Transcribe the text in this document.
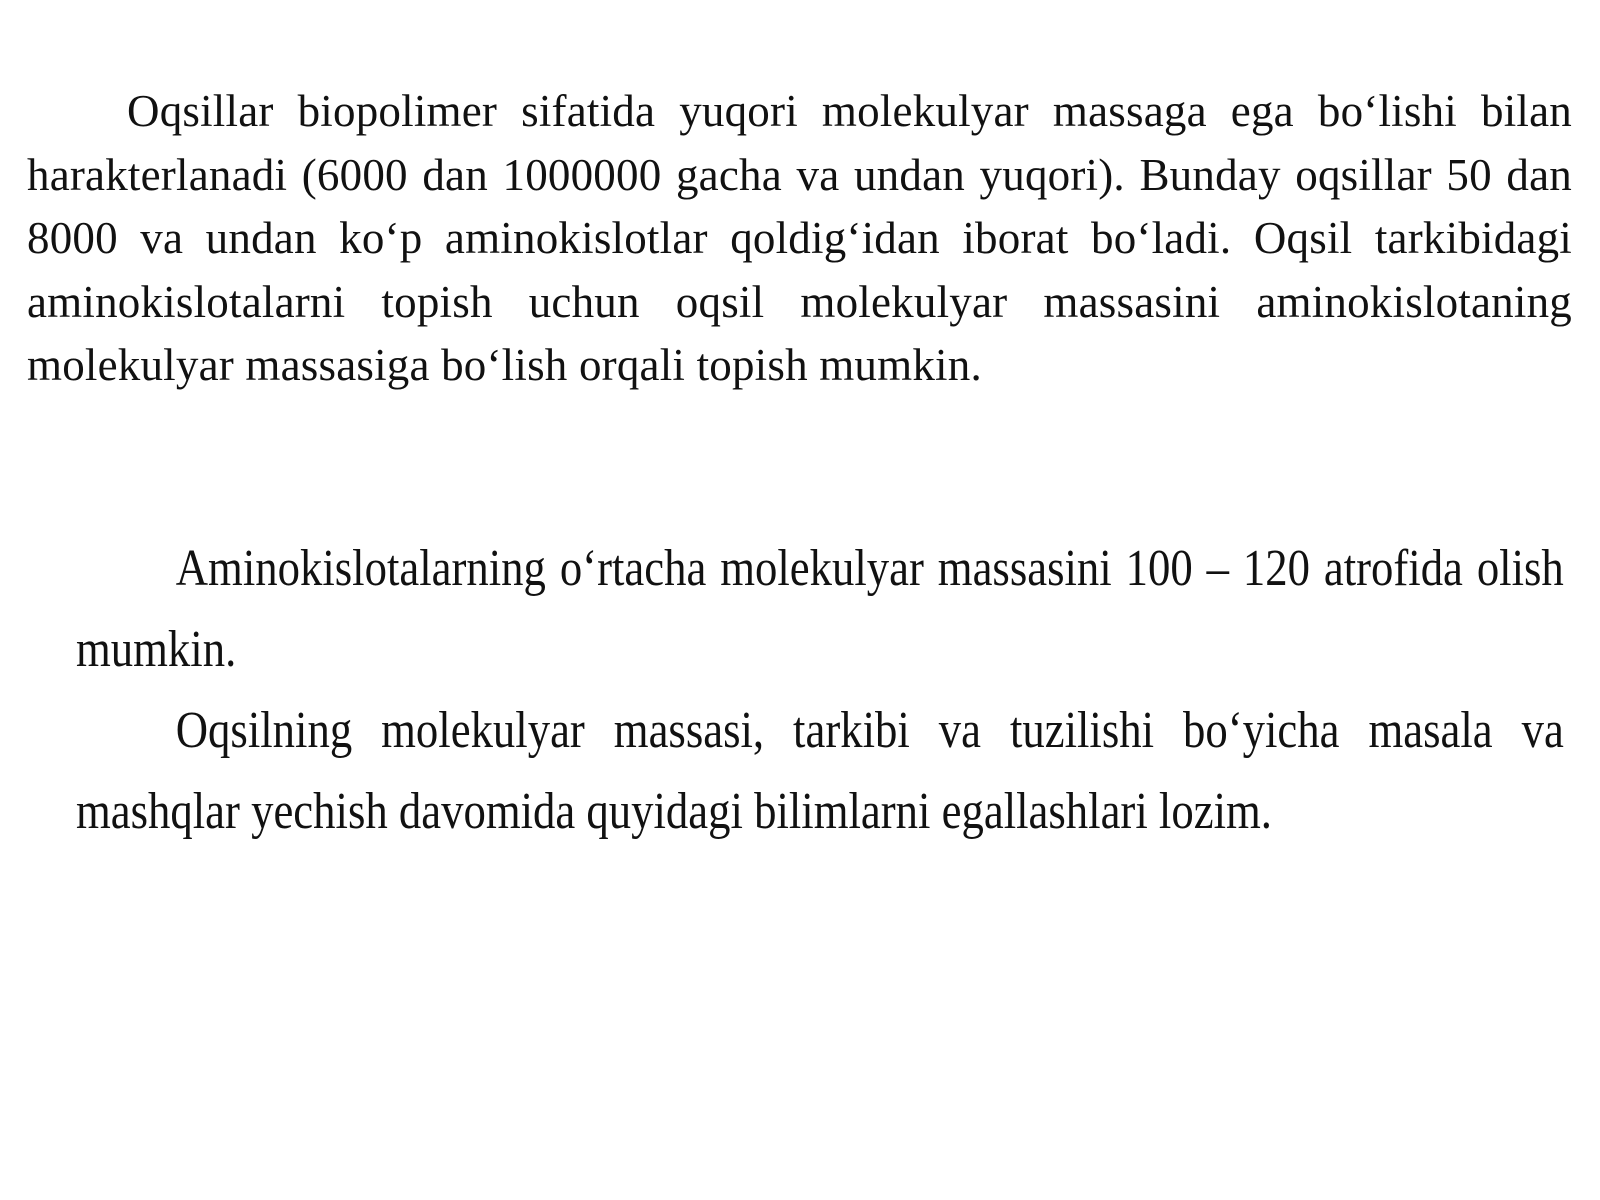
Oqsillar biopolimer sifatida yuqori molekulyar massaga ega bo‘lishi bilan harakterlanadi (6000 dan 1000000 gacha va undan yuqori). Bunday oqsillar 50 dan 8000 va undan ko‘p aminokislotlar qoldig‘idan iborat bo‘ladi. Oqsil tarkibidagi aminokislotalarni topish uchun oqsil molekulyar massasini aminokislotaning molekulyar massasiga bo‘lish orqali topish mumkin.

Aminokislotalarning o‘rtacha molekulyar massasini 100 – 120 atrofida olish mumkin.

Oqsilning molekulyar massasi, tarkibi va tuzilishi bo‘yicha masala va mashqlar yechish davomida quyidagi bilimlarni egallashlari lozim.
